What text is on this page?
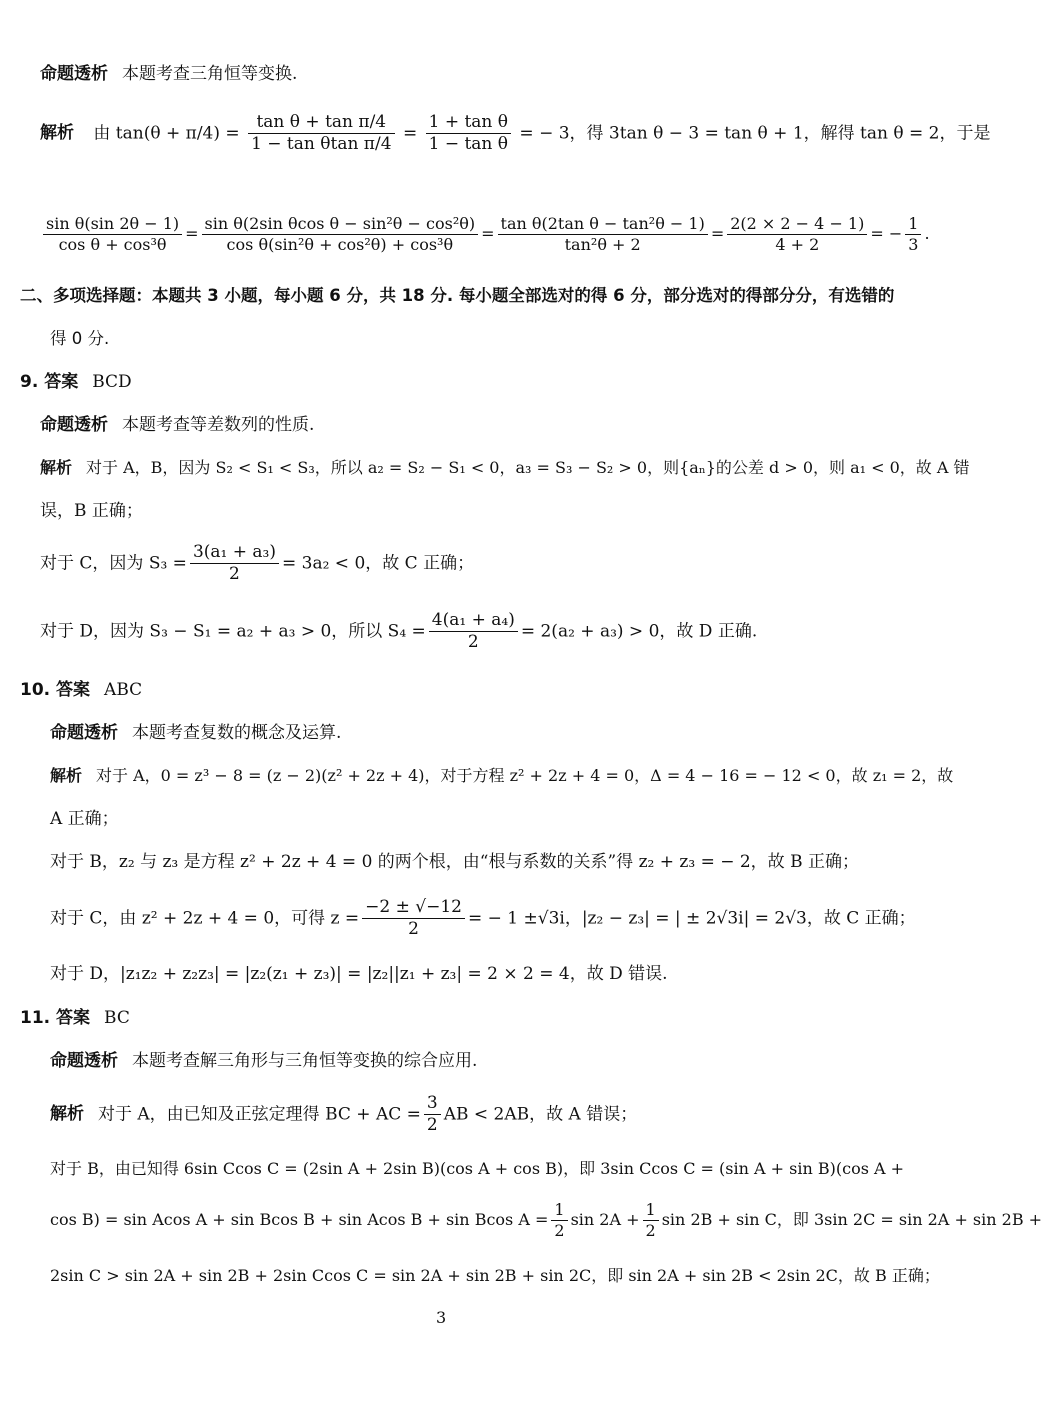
命题透析 本题考查三角恒等变换.
解析 由 $\tan(\theta + \pi/4) = \frac{\text{tan θ + tan π/4}}{\text{1 − tan θtan π/4}} = \frac{\text{1 + tan θ}}{\text{1 − tan θ}}$ = − 3，得 3tan θ − 3 = tan θ + 1，解得 tan θ = 2，于是
$\frac{\text{sin θ(sin 2θ − 1)}}{\text{cos θ + cos³θ}} = \frac{\text{sin θ(2sin θcos θ − sin²θ − cos²θ)}}{\text{cos θ(sin²θ + cos²θ) + cos³θ}} = \frac{\text{tan θ(2tan θ − tan²θ − 1)}}{\text{tan²θ + 2}} = \frac{2(2 \times 2 - 4 - 1)}{4 + 2}$ = − $\frac{1}{3}$ .
二、多项选择题：本题共 3 小题，每小题 6 分，共 18 分. 每小题全部选对的得 6 分，部分选对的得部分分，有选错的
得 0 分.
9. 答案 BCD
命题透析 本题考查等差数列的性质.
解析 对于 A，B，因为 S₂ < S₁ < S₃，所以 a₂ = S₂ − S₁ < 0，a₃ = S₃ − S₂ > 0，则{aₙ}的公差 d > 0，则 a₁ < 0，故 A 错
误，B 正确；
对于 C，因为 $S_3 = \frac{\text{3(a₁ + a₃)}}{2} = 3a_2 < 0$，故 C 正确；
对于 D，因为 S₃ − S₁ = a₂ + a₃ > 0，所以 $S_4 = \frac{\text{4(a₁ + a₄)}}{2} = 2(a_2 + a_3) > 0$，故 D 正确.
10. 答案 ABC
命题透析 本题考查复数的概念及运算.
解析 对于 A，0 = z³ − 8 = (z − 2)(z² + 2z + 4)，对于方程 z² + 2z + 4 = 0，Δ = 4 − 16 = − 12 < 0，故 z₁ = 2，故
A 正确；
对于 B，z₂ 与 z₃ 是方程 z² + 2z + 4 = 0 的两个根，由“根与系数的关系”得 z₂ + z₃ = − 2，故 B 正确；
对于 C，由 z² + 2z + 4 = 0，可得 $z = \frac{-2 \pm √-12}{2}$ = − 1 ±√3i，|z₂ − z₃| = | ± 2√3i| = 2√3，故 C 正确；
对于 D，|z₁z₂ + z₂z₃| = |z₂(z₁ + z₃)| = |z₂||z₁ + z₃| = 2 × 2 = 4，故 D 错误.
11. 答案 BC
命题透析 本题考查解三角形与三角恒等变换的综合应用.
解析 对于 A，由已知及正弦定理得 BC + AC = $\frac{3}{2}$ AB < 2AB，故 A 错误；
对于 B，由已知得 6sin Ccos C = (2sin A + 2sin B)(cos A + cos B)，即 3sin Ccos C = (sin A + sin B)(cos A +
cos B) = sin Acos A + sin Bcos B + sin Acos B + sin Bcos $A = \frac{1}{2}$ $\sin 2A + \frac{1}{2}$ sin 2B + sin C，即 3sin 2C = sin 2A + sin 2B +
2sin C > sin 2A + sin 2B + 2sin Ccos C = sin 2A + sin 2B + sin 2C，即 sin 2A + sin 2B < 2sin 2C，故 B 正确；
3
